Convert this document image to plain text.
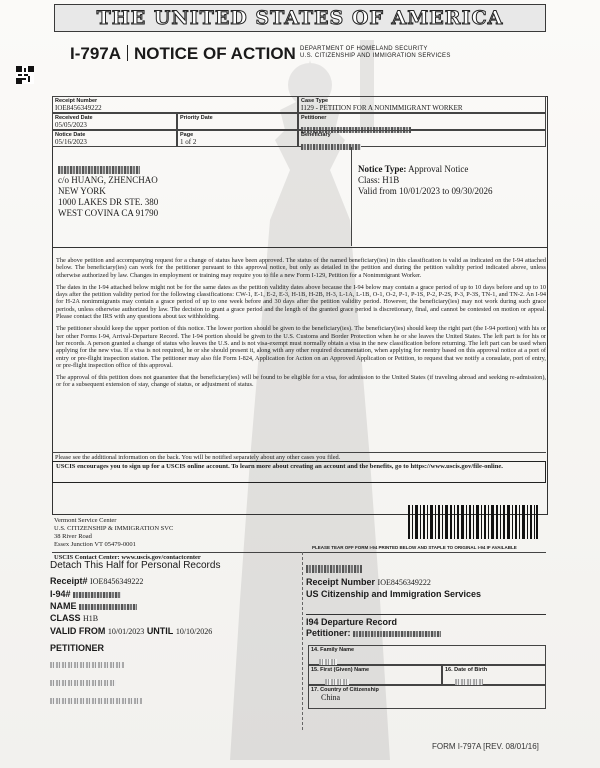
THE UNITED STATES OF AMERICA
I-797A NOTICE OF ACTION DEPARTMENT OF HOMELAND SECURITY
U.S. CITIZENSHIP AND IMMIGRATION SERVICES
Receipt Number
IOE8456349222
Case Type
I129 - PETITION FOR A NONIMMIGRANT WORKER
Received Date
05/05/2023
Priority Date	Petitioner
Notice Date
05/16/2023
Page
1 of 2
Beneficiary
c/o HUANG, ZHENCHAO
NEW YORK
1000 LAKES DR STE. 380
WEST COVINA CA 91790
Notice Type: Approval Notice
Class: H1B
Valid from 10/01/2023 to 09/30/2026

The above petition and accompanying request for a change of status have been approved. The status of the named beneficiary(ies) in this classification is valid as indicated on the I-94 attached below. The beneficiary(ies) can work for the petitioner pursuant to this approval notice, but only as detailed in the petition and during the petition validity period indicated above, unless otherwise authorized by law. Changes in employment or training may require you to file a new Form I-129, Petition for a Nonimmigrant Worker.

The dates in the I-94 attached below might not be for the same dates as the petition validity dates above because the I-94 below may contain a grace period of up to 10 days before and up to 10 days after the petition validity period for the following classifications: CW-1, E-1, E-2, E-3, H-1B, H-2B, H-3, L-1A, L-1B, O-1, O-2, P-1, P-1S, P-2, P-2S, P-3, P-3S, TN-1, and TN-2. An I-94 for H-2A nonimmigrants may contain a grace period of up to one week before and 30 days after the petition validity period. However, the beneficiary(ies) may not work during such grace periods, unless otherwise authorized by law. The decision to grant a grace period and the length of the granted grace period is discretionary, final, and cannot be contested on motion or appeal. Please contact the IRS with any questions about tax withholding.

The petitioner should keep the upper portion of this notice. The lower portion should be given to the beneficiary(ies). The beneficiary(ies) should keep the right part (the I-94 portion) with his or her other Forms I-94, Arrival-Departure Record. The I-94 portion should be given to the U.S. Customs and Border Protection when he or she leaves the United States. The left part is for his or her records. A person granted a change of status who leaves the U.S. and is not visa-exempt must normally obtain a visa in the new classification before returning. The left part can be used when applying for the new visa. If a visa is not required, he or she should present it, along with any other required documentation, when applying for reentry based on this approval notice at a port of entry or pre-flight inspection station. The petitioner may also file Form I-824, Application for Action on an Approved Application or Petition, to request that we notify a consulate, port of entry, or pre-flight inspection office of this approval.

The approval of this petition does not guarantee that the beneficiary(ies) will be found to be eligible for a visa, for admission to the United States (if traveling abroad and seeking re-admission), or for a subsequent extension of stay, change of status, or adjustment of status.

Please see the additional information on the back. You will be notified separately about any other cases you filed.
USCIS encourages you to sign up for a USCIS online account. To learn more about creating an account and the benefits, go to https://www.uscis.gov/file-online.
Vermont Service Center
U.S. CITIZENSHIP & IMMIGRATION SVC
38 River Road
Essex Junction VT 05479-0001
USCIS Contact Center: www.uscis.gov/contactcenter
PLEASE TEAR OFF FORM I-94 PRINTED BELOW AND STAPLE TO ORIGINAL I-94 IF AVAILABLE
Detach This Half for Personal Records
Receipt# IOE8456349222
I-94#
NAME
CLASS H1B
VALID FROM 10/01/2023 UNTIL 10/10/2026
PETITIONER
Receipt Number IOE8456349222
US Citizenship and Immigration Services
I94 Departure Record
Petitioner:
14. Family Name
15. First (Given) Name	16. Date of Birth
17. Country of Citizenship
China
FORM I-797A [REV. 08/01/16]
